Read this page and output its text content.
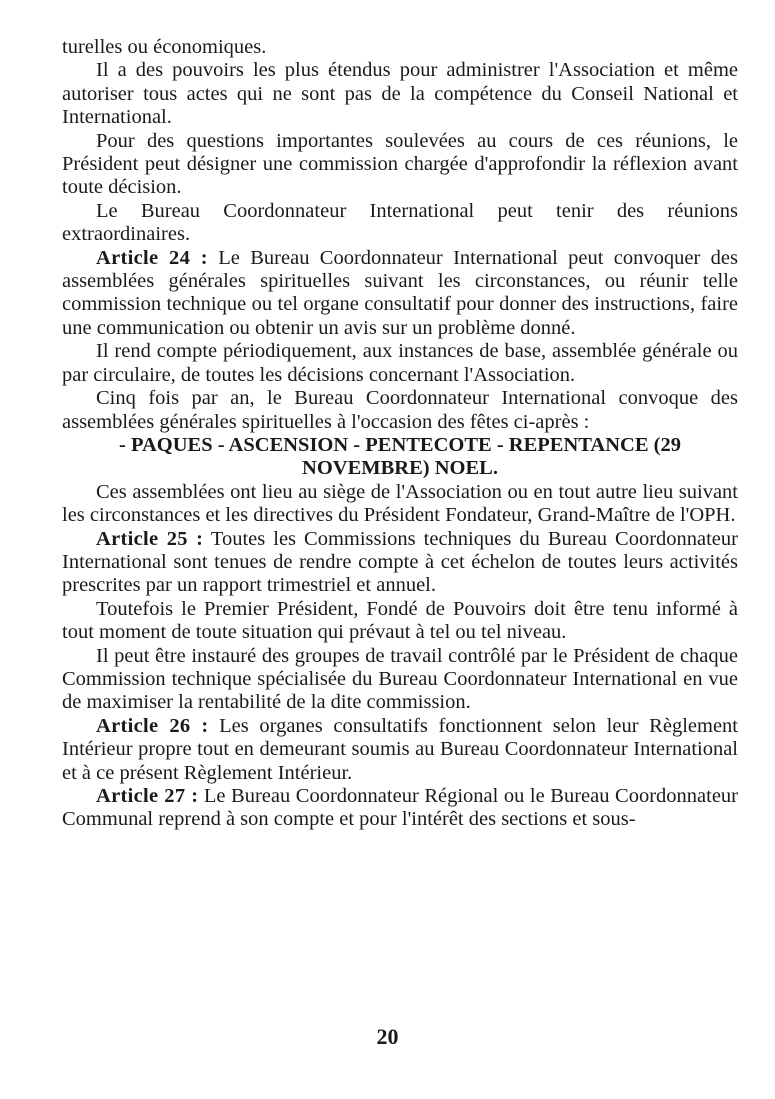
turelles ou économiques.

Il a des pouvoirs les plus étendus pour administrer l'Association et même autoriser tous actes qui ne sont pas de la compétence du Conseil National et International.

Pour des questions importantes soulevées au cours de ces réunions, le Président peut désigner une commission chargée d'approfondir la réflexion avant toute décision.

Le Bureau Coordonnateur International peut tenir des réunions extraordinaires.

Article 24 : Le Bureau Coordonnateur International peut convoquer des assemblées générales spirituelles suivant les circonstances, ou réunir telle commission technique ou tel organe consultatif pour donner des instructions, faire une communication ou obtenir un avis sur un problème donné.

Il rend compte périodiquement, aux instances de base, assemblée générale ou par circulaire, de toutes les décisions concernant l'Association.

Cinq fois par an, le Bureau Coordonnateur International convoque des assemblées générales spirituelles à l'occasion des fêtes ci-après :

- PAQUES - ASCENSION - PENTECOTE - REPENTANCE (29 NOVEMBRE) NOEL.

Ces assemblées ont lieu au siège de l'Association ou en tout autre lieu suivant les circonstances et les directives du Président Fondateur, Grand-Maître de l'OPH.

Article 25 : Toutes les Commissions techniques du Bureau Coordonnateur International sont tenues de rendre compte à cet échelon de toutes leurs activités prescrites par un rapport trimestriel et annuel.

Toutefois le Premier Président, Fondé de Pouvoirs doit être tenu informé à tout moment de toute situation qui prévaut à tel ou tel niveau.

Il peut être instauré des groupes de travail contrôlé par le Président de chaque Commission technique spécialisée du Bureau Coordonnateur International en vue de maximiser la rentabilité de la dite commission.

Article 26 : Les organes consultatifs fonctionnent selon leur Règlement Intérieur propre tout en demeurant soumis au Bureau Coordonnateur International et à ce présent Règlement Intérieur.

Article 27 : Le Bureau Coordonnateur Régional ou le Bureau Coordonnateur Communal reprend à son compte et pour l'intérêt des sections et sous-

20
